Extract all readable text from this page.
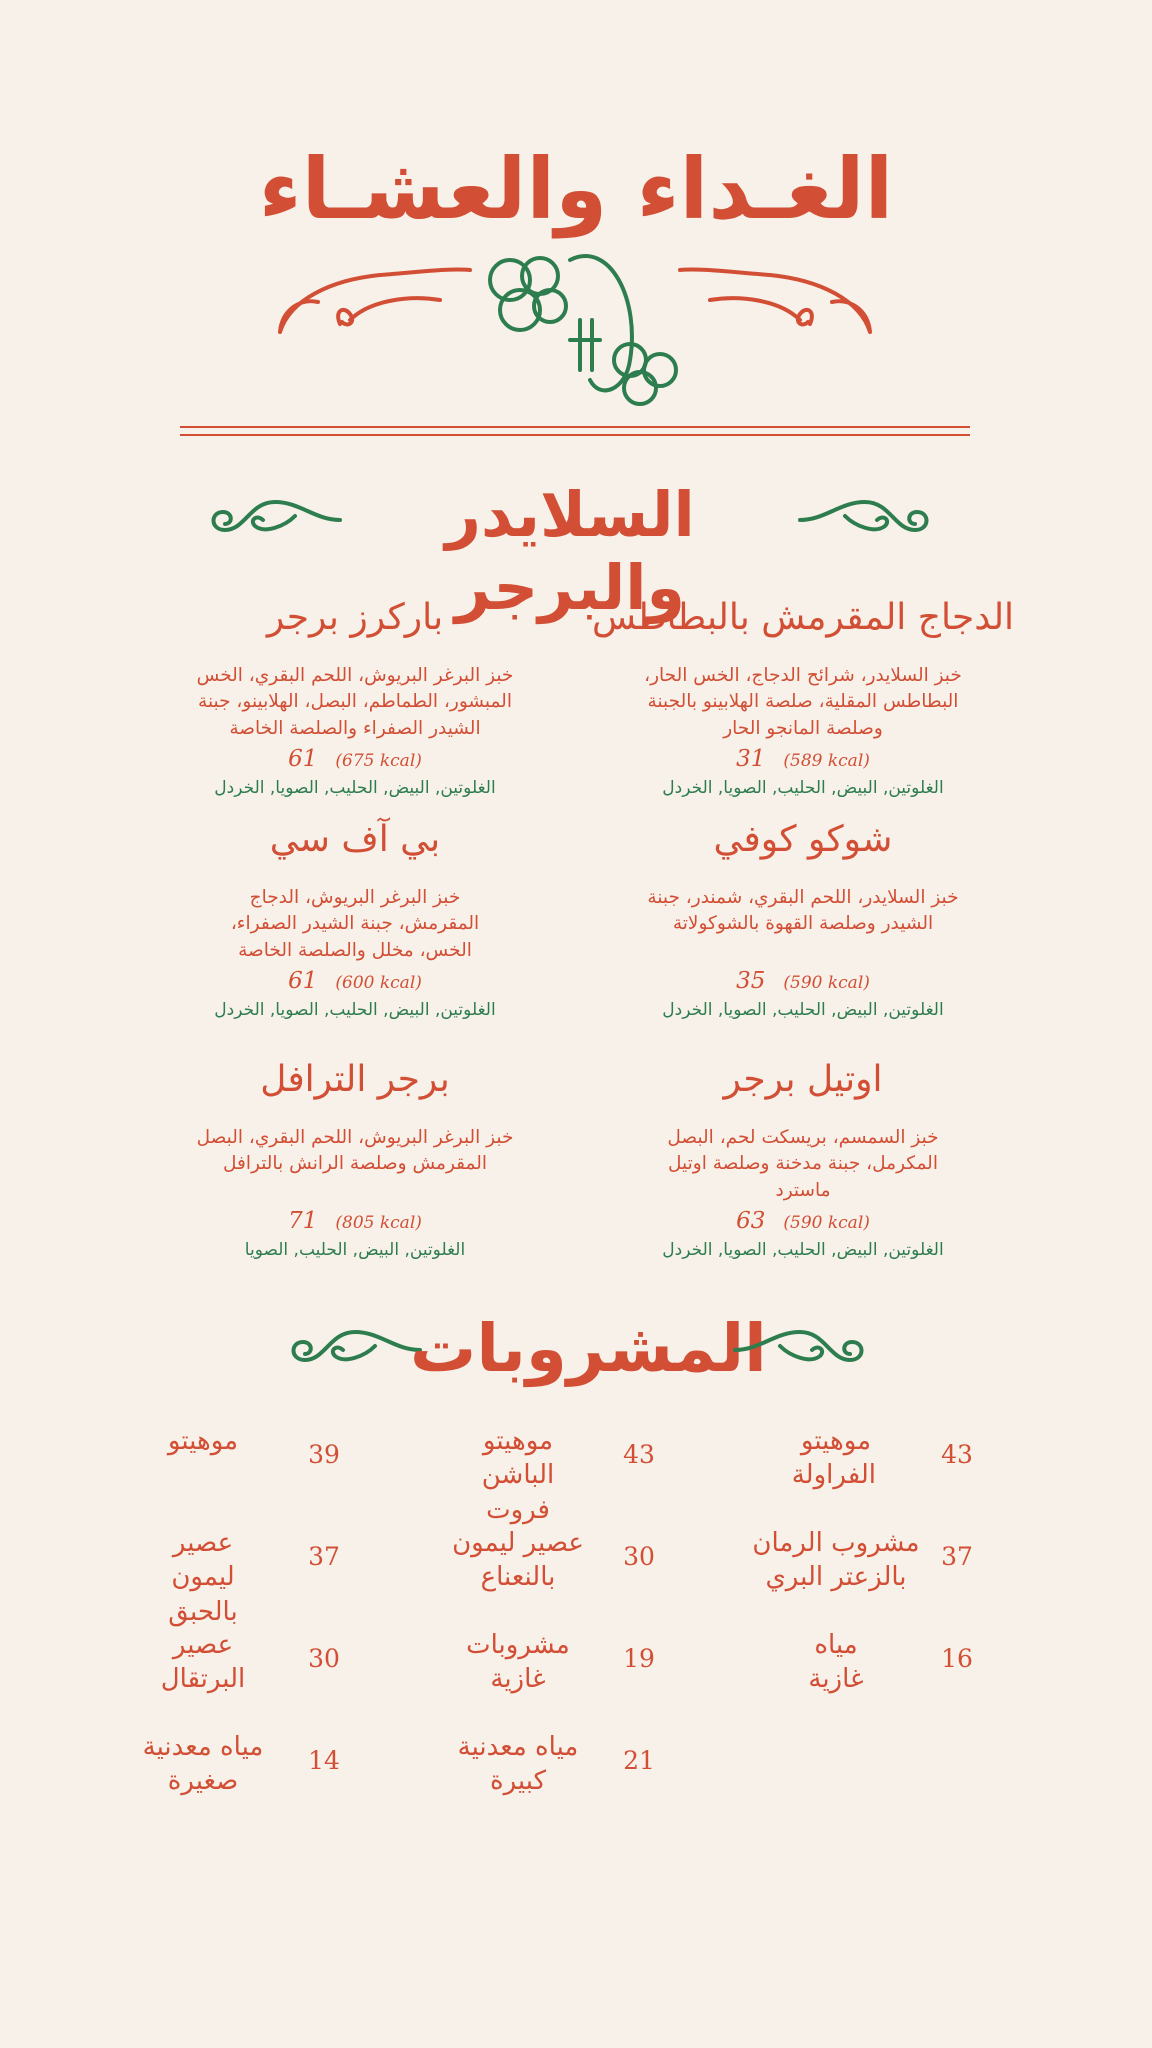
الغـداء والعشـاء
السلايدر والبرجر
الدجاج المقرمش بالبطاطس
خبز السلايدر، شرائح الدجاج، الخس الحار، البطاطس المقلية، صلصة الهلابينو بالجبنة وصلصة المانجو الحار
31 (589 kcal)
الغلوتين, البيض, الحليب, الصويا, الخردل
باركرز برجر
خبز البرغر البريوش، اللحم البقري، الخس المبشور، الطماطم، البصل، الهلابينو، جبنة الشيدر الصفراء والصلصة الخاصة
61 (675 kcal)
الغلوتين, البيض, الحليب, الصويا, الخردل
شوكو كوفي
خبز السلايدر، اللحم البقري، شمندر، جبنة الشيدر وصلصة القهوة بالشوكولاتة
35 (590 kcal)
الغلوتين, البيض, الحليب, الصويا, الخردل
بي آف سي
خبز البرغر البريوش، الدجاج المقرمش، جبنة الشيدر الصفراء، الخس، مخلل والصلصة الخاصة
61 (600 kcal)
الغلوتين, البيض, الحليب, الصويا, الخردل
اوتيل برجر
خبز السمسم، بريسكت لحم، البصل المكرمل، جبنة مدخنة وصلصة اوتيل ماسترد
63 (590 kcal)
الغلوتين, البيض, الحليب, الصويا, الخردل
برجر الترافل
خبز البرغر البريوش، اللحم البقري، البصل المقرمش وصلصة الرانش بالترافل
71 (805 kcal)
الغلوتين, البيض, الحليب, الصويا
المشروبات
43
موهيتو الفراولة
43
موهيتو الباشن فروت
39
موهيتو
37
مشروب الرمان بالزعتر البري
30
عصير ليمون بالنعناع
37
عصير ليمون بالحبق
16
مياه غازية
19
مشروبات غازية
30
عصير البرتقال
21
مياه معدنية كبيرة
14
مياه معدنية صغيرة
